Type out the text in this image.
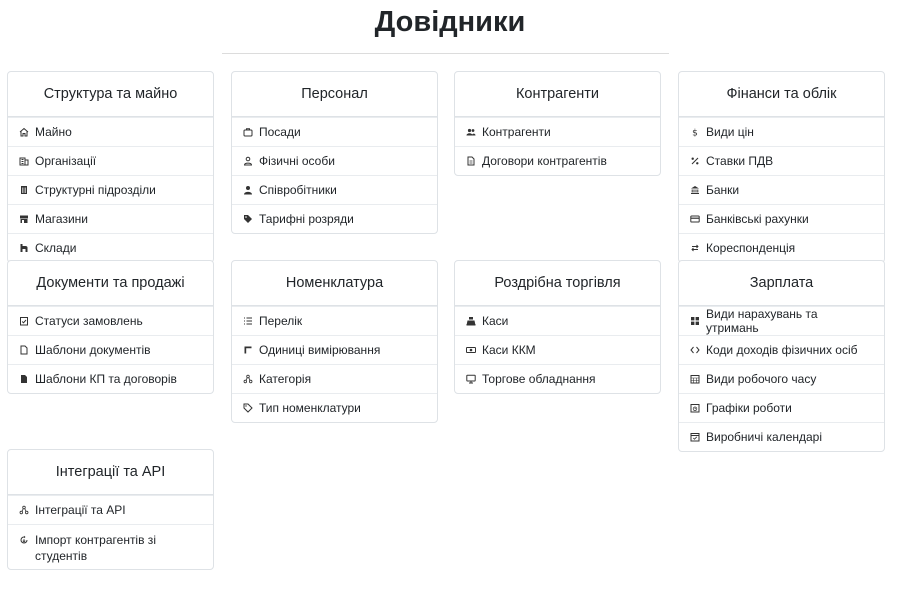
Довідники
Структура та майно
Майно
Організації
Структурні підрозділи
Магазини
Склади
Персонал
Посади
Фізичні особи
Співробітники
Тарифні розряди
Контрагенти
Контрагенти
Договори контрагентів
Фінанси та облік
$ Види цін
Ставки ПДВ
Банки
Банківські рахунки
Кореспонденція
Документи та продажі
Статуси замовлень
Шаблони документів
Шаблони КП та договорів
Номенклатура
Перелік
Одиниці вимірювання
Категорія
Тип номенклатури
Роздрібна торгівля
Каси
Каси ККМ
Торгове обладнання
Зарплата
Види нарахувань та утримань
Коди доходів фізичних осіб
Види робочого часу
Графіки роботи
Виробничі календарі
Інтеграції та API
Інтеграції та API
Імпорт контрагентів зі студентів
